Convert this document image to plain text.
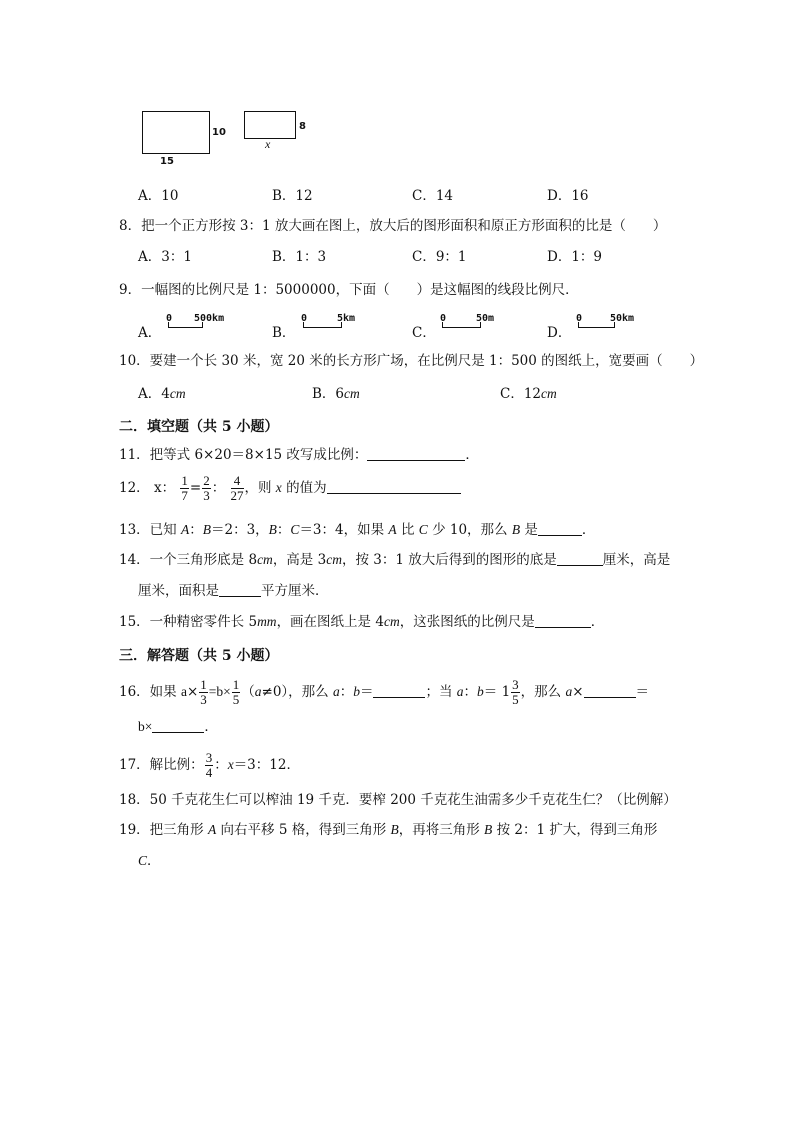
10
15
8
x
A．10	B．12	C．14	D．16
8．把一个正方形按 3：1 放大画在图上，放大后的图形面积和原正方形面积的比是（　　）
A．3：1	B．1：3	C．9：1	D．1：9
9．一幅图的比例尺是 1：5000000，下面（　　）是这幅图的线段比例尺．
A．
0 500km
B．
0	5km
C．
0	50m
D．
0	50km
10．要建一个长 30 米，宽 20 米的长方形广场，在比例尺是 1：500 的图纸上，宽要画（　　）
A．4cm	B．6cm	C．12cm
二．填空题（共 5 小题）
11．把等式 6×20＝8×15 改写成比例：	．
12． x： $\frac{1}{7} = \frac{2}{3}$ ： $\frac{4}{27}$ ，则 x 的值为
13．已知 A：B＝2：3，B：C＝3：4，如果 A 比 C 少 10，那么 B 是	．
14．一个三角形底是 8cm，高是 3cm，按 3：1 放大后得到的图形的底是	厘米，高是
厘米，面积是	平方厘米．
15．一种精密零件长 5mm，画在图纸上是 4cm，这张图纸的比例尺是	．
三．解答题（共 5 小题）
16．如果 $a\times \frac{1}{3} =b\times \frac{1}{5} (a\ne 0)$，那么 a：b＝	；当 a：$b= 1 \frac{3}{5}$ ，那么 a×	＝
b×	．
17．解比例： $\frac{3}{4}$ ：x＝3：12．
18．50 千克花生仁可以榨油 19 千克．要榨 200 千克花生油需多少千克花生仁？（比例解）
19．把三角形 A 向右平移 5 格，得到三角形 B，再将三角形 B 按 2：1 扩大，得到三角形
C．
